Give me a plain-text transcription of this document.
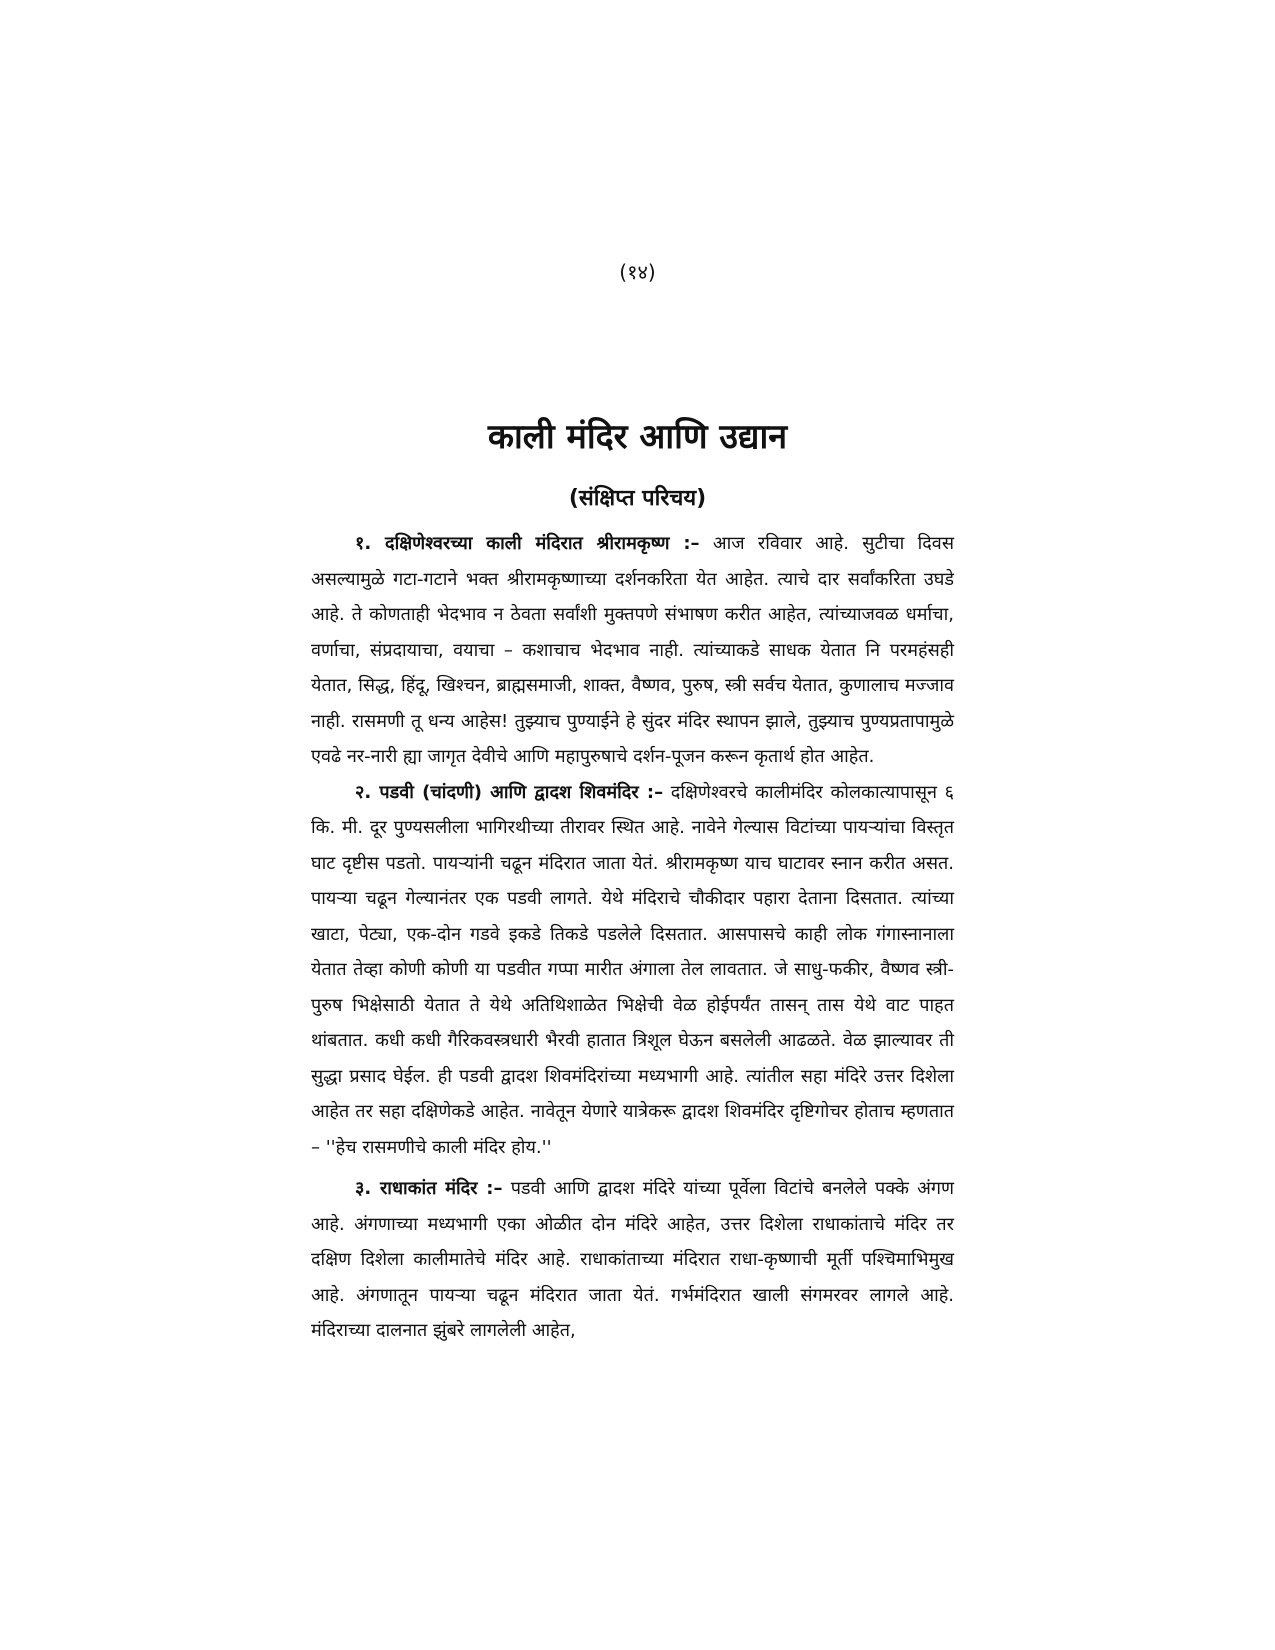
(१४)
काली मंदिर आणि उद्यान
(संक्षिप्त परिचय)

१. दक्षिणेश्वरच्या काली मंदिरात श्रीरामकृष्ण :– आज रविवार आहे. सुटीचा दिवस असल्यामुळे गटा-गटाने भक्त श्रीरामकृष्णाच्या दर्शनकरिता येत आहेत. त्याचे दार सर्वांकरिता उघडे आहे. ते कोणताही भेदभाव न ठेवता सर्वांशी मुक्तपणे संभाषण करीत आहेत, त्यांच्याजवळ धर्माचा, वर्णाचा, संप्रदायाचा, वयाचा – कशाचाच भेदभाव नाही. त्यांच्याकडे साधक येतात नि परमहंसही येतात, सिद्ध, हिंदू, खिश्चन, ब्राह्मसमाजी, शाक्त, वैष्णव, पुरुष, स्त्री सर्वच येतात, कुणालाच मज्जाव नाही. रासमणी तू धन्य आहेस! तुझ्याच पुण्याईने हे सुंदर मंदिर स्थापन झाले, तुझ्याच पुण्यप्रतापामुळे एवढे नर-नारी ह्या जागृत देवीचे आणि महापुरुषाचे दर्शन-पूजन करून कृतार्थ होत आहेत.

२. पडवी (चांदणी) आणि द्वादश शिवमंदिर :– दक्षिणेश्वरचे कालीमंदिर कोलकात्यापासून ६ कि. मी. दूर पुण्यसलीला भागिरथीच्या तीरावर स्थित आहे. नावेने गेल्यास विटांच्या पायऱ्यांचा विस्तृत घाट दृष्टीस पडतो. पायऱ्यांनी चढून मंदिरात जाता येतं. श्रीरामकृष्ण याच घाटावर स्नान करीत असत. पायऱ्या चढून गेल्यानंतर एक पडवी लागते. येथे मंदिराचे चौकीदार पहारा देताना दिसतात. त्यांच्या खाटा, पेट्या, एक-दोन गडवे इकडे तिकडे पडलेले दिसतात. आसपासचे काही लोक गंगास्नानाला येतात तेव्हा कोणी कोणी या पडवीत गप्पा मारीत अंगाला तेल लावतात. जे साधु-फकीर, वैष्णव स्त्री-पुरुष भिक्षेसाठी येतात ते येथे अतिथिशाळेत भिक्षेची वेळ होईपर्यंत तासन् तास येथे वाट पाहत थांबतात. कधी कधी गैरिकवस्त्रधारी भैरवी हातात त्रिशूल घेऊन बसलेली आढळते. वेळ झाल्यावर ती सुद्धा प्रसाद घेईल. ही पडवी द्वादश शिवमंदिरांच्या मध्यभागी आहे. त्यांतील सहा मंदिरे उत्तर दिशेला आहेत तर सहा दक्षिणेकडे आहेत. नावेतून येणारे यात्रेकरू द्वादश शिवमंदिर दृष्टिगोचर होताच म्हणतात – ''हेच रासमणीचे काली मंदिर होय.''

३. राधाकांत मंदिर :– पडवी आणि द्वादश मंदिरे यांच्या पूर्वेला विटांचे बनलेले पक्के अंगण आहे. अंगणाच्या मध्यभागी एका ओळीत दोन मंदिरे आहेत, उत्तर दिशेला राधाकांताचे मंदिर तर दक्षिण दिशेला कालीमातेचे मंदिर आहे. राधाकांताच्या मंदिरात राधा-कृष्णाची मूर्ती पश्चिमाभिमुख आहे. अंगणातून पायऱ्या चढून मंदिरात जाता येतं. गर्भमंदिरात खाली संगमरवर लागले आहे. मंदिराच्या दालनात झुंबरे लागलेली आहेत,
